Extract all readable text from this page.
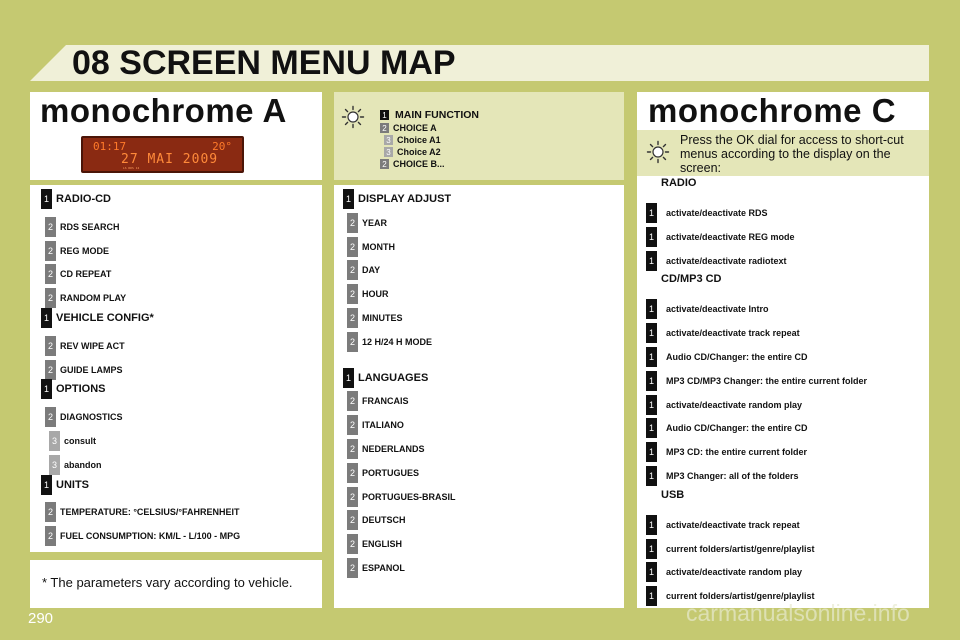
08 SCREEN MENU MAP
monochrome A
01:17	20°
27 MAI 2009
LS RDS 12
* The parameters vary according to vehicle.
1 MAIN FUNCTION
2 CHOICE A
3 Choice A1
3 Choice A2
2 CHOICE B...
monochrome C
Press the OK dial for access to short-cut menus according to the display on the screen:
290	carmanualsonline.info
1 RADIO-CD
2 RDS SEARCH
2 REG MODE
2 CD REPEAT
2 RANDOM PLAY
1 VEHICLE CONFIG*
2 REV WIPE ACT
2 GUIDE LAMPS
1 OPTIONS
2 DIAGNOSTICS
3 consult
3 abandon
1 UNITS
2 TEMPERATURE: °CELSIUS/°FAHRENHEIT
2 FUEL CONSUMPTION: KM/L - L/100 - MPG
1 DISPLAY ADJUST
2 YEAR
2 MONTH
2 DAY
2 HOUR
2 MINUTES
2 12 H/24 H MODE
1 LANGUAGES
2 FRANCAIS
2 ITALIANO
2 NEDERLANDS
2 PORTUGUES
2 PORTUGUES-BRASIL
2 DEUTSCH
2 ENGLISH
2 ESPANOL
RADIO
1	activate/deactivate RDS
1	activate/deactivate REG mode
1	activate/deactivate radiotext
CD/MP3 CD
1	activate/deactivate Intro
1	activate/deactivate track repeat
1	Audio CD/Changer: the entire CD
1	MP3 CD/MP3 Changer: the entire current folder
1	activate/deactivate random play
1	Audio CD/Changer: the entire CD
1	MP3 CD: the entire current folder
1	MP3 Changer: all of the folders
USB
1	activate/deactivate track repeat
1	current folders/artist/genre/playlist
1	activate/deactivate random play
1	current folders/artist/genre/playlist
